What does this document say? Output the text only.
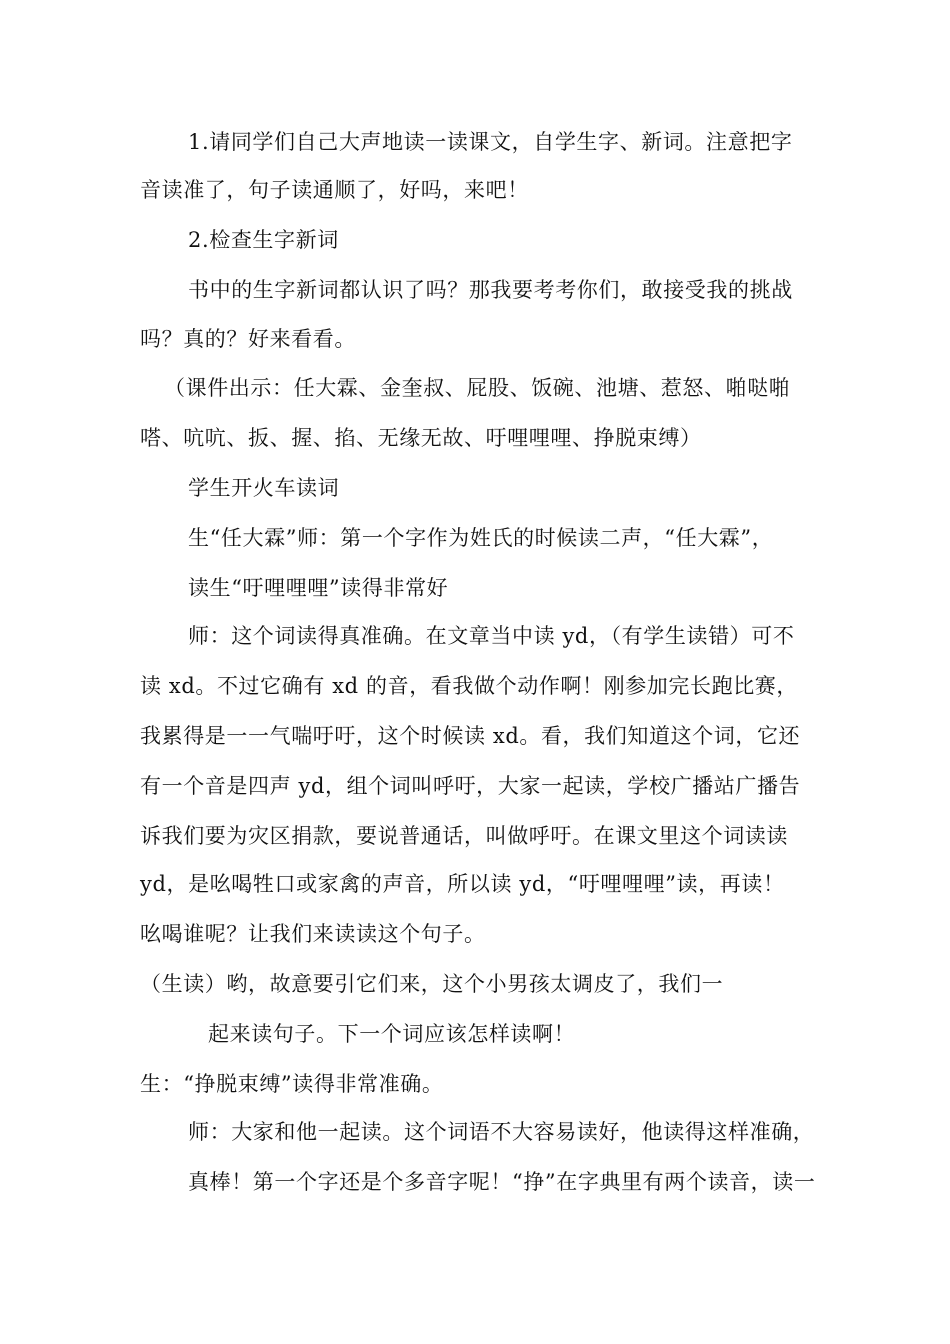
1.请同学们自己大声地读一读课文，自学生字、新词。注意把字
音读准了，句子读通顺了，好吗，来吧！
2.检查生字新词
书中的生字新词都认识了吗？那我要考考你们，敢接受我的挑战
吗？真的？好来看看。
（课件出示：任大霖、金奎叔、屁股、饭碗、池塘、惹怒、啪哒啪
嗒、吭吭、扳、握、掐、无缘无故、吁哩哩哩、挣脱束缚）
学生开火车读词
生“任大霖”师：第一个字作为姓氏的时候读二声，“任大霖”，
读生“吁哩哩哩”读得非常好
师：这个词读得真准确。在文章当中读 yd，（有学生读错）可不
读 xd。不过它确有 xd 的音，看我做个动作啊！刚参加完长跑比赛，
我累得是一一气喘吁吁，这个时候读 xd。看，我们知道这个词，它还
有一个音是四声 yd，组个词叫呼吁，大家一起读，学校广播站广播告
诉我们要为灾区捐款，要说普通话，叫做呼吁。在课文里这个词读读
yd，是吆喝牲口或家禽的声音，所以读 yd，“吁哩哩哩”读，再读！
吆喝谁呢？让我们来读读这个句子。
（生读）哟，故意要引它们来，这个小男孩太调皮了，我们一
起来读句子。下一个词应该怎样读啊！
生：“挣脱束缚”读得非常准确。
师：大家和他一起读。这个词语不大容易读好，他读得这样准确，
真棒！第一个字还是个多音字呢！“挣”在字典里有两个读音，读一
